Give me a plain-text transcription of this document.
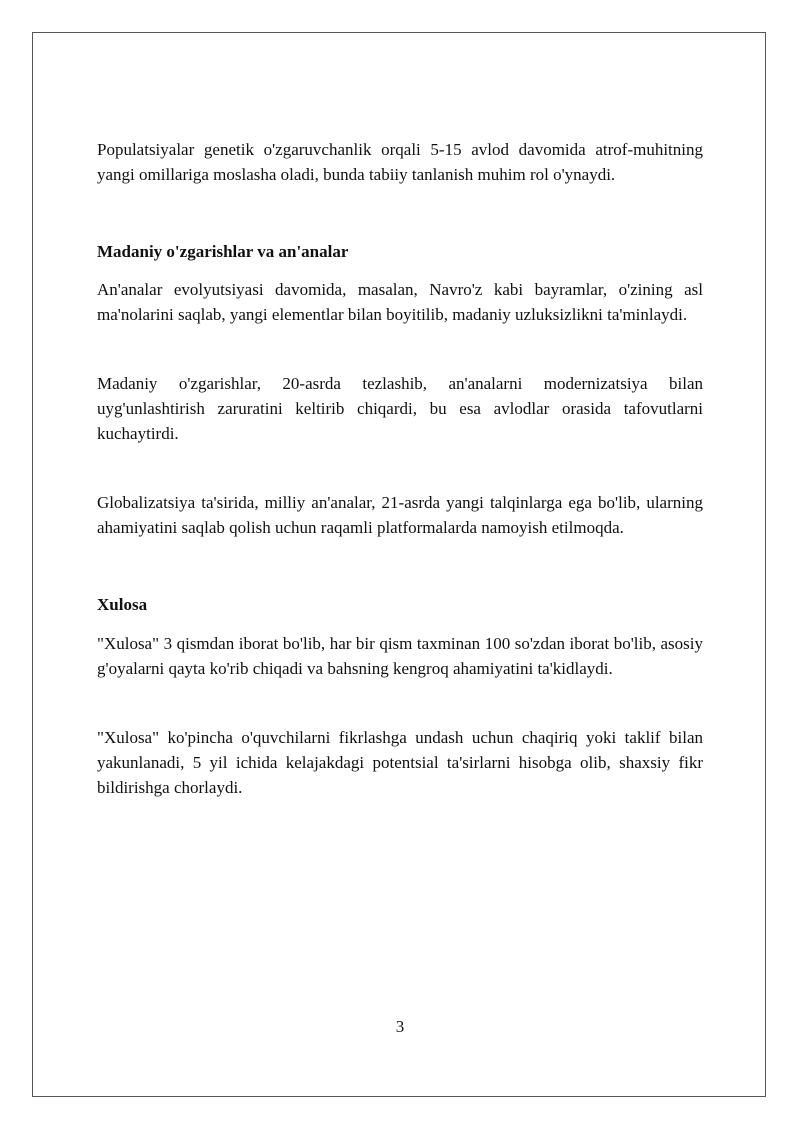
Populatsiyalar genetik o'zgaruvchanlik orqali 5-15 avlod davomida atrof-muhitning yangi omillariga moslasha oladi, bunda tabiiy tanlanish muhim rol o'ynaydi.

Madaniy o'zgarishlar va an'analar

An'analar evolyutsiyasi davomida, masalan, Navro'z kabi bayramlar, o'zining asl ma'nolarini saqlab, yangi elementlar bilan boyitilib, madaniy uzluksizlikni ta'minlaydi.

Madaniy o'zgarishlar, 20-asrda tezlashib, an'analarni modernizatsiya bilan uyg'unlashtirish zaruratini keltirib chiqardi, bu esa avlodlar orasida tafovutlarni kuchaytirdi.

Globalizatsiya ta'sirida, milliy an'analar, 21-asrda yangi talqinlarga ega bo'lib, ularning ahamiyatini saqlab qolish uchun raqamli platformalarda namoyish etilmoqda.

Xulosa

"Xulosa" 3 qismdan iborat bo'lib, har bir qism taxminan 100 so'zdan iborat bo'lib, asosiy g'oyalarni qayta ko'rib chiqadi va bahsning kengroq ahamiyatini ta'kidlaydi.

"Xulosa" ko'pincha o'quvchilarni fikrlashga undash uchun chaqiriq yoki taklif bilan yakunlanadi, 5 yil ichida kelajakdagi potentsial ta'sirlarni hisobga olib, shaxsiy fikr bildirishga chorlaydi.

3
